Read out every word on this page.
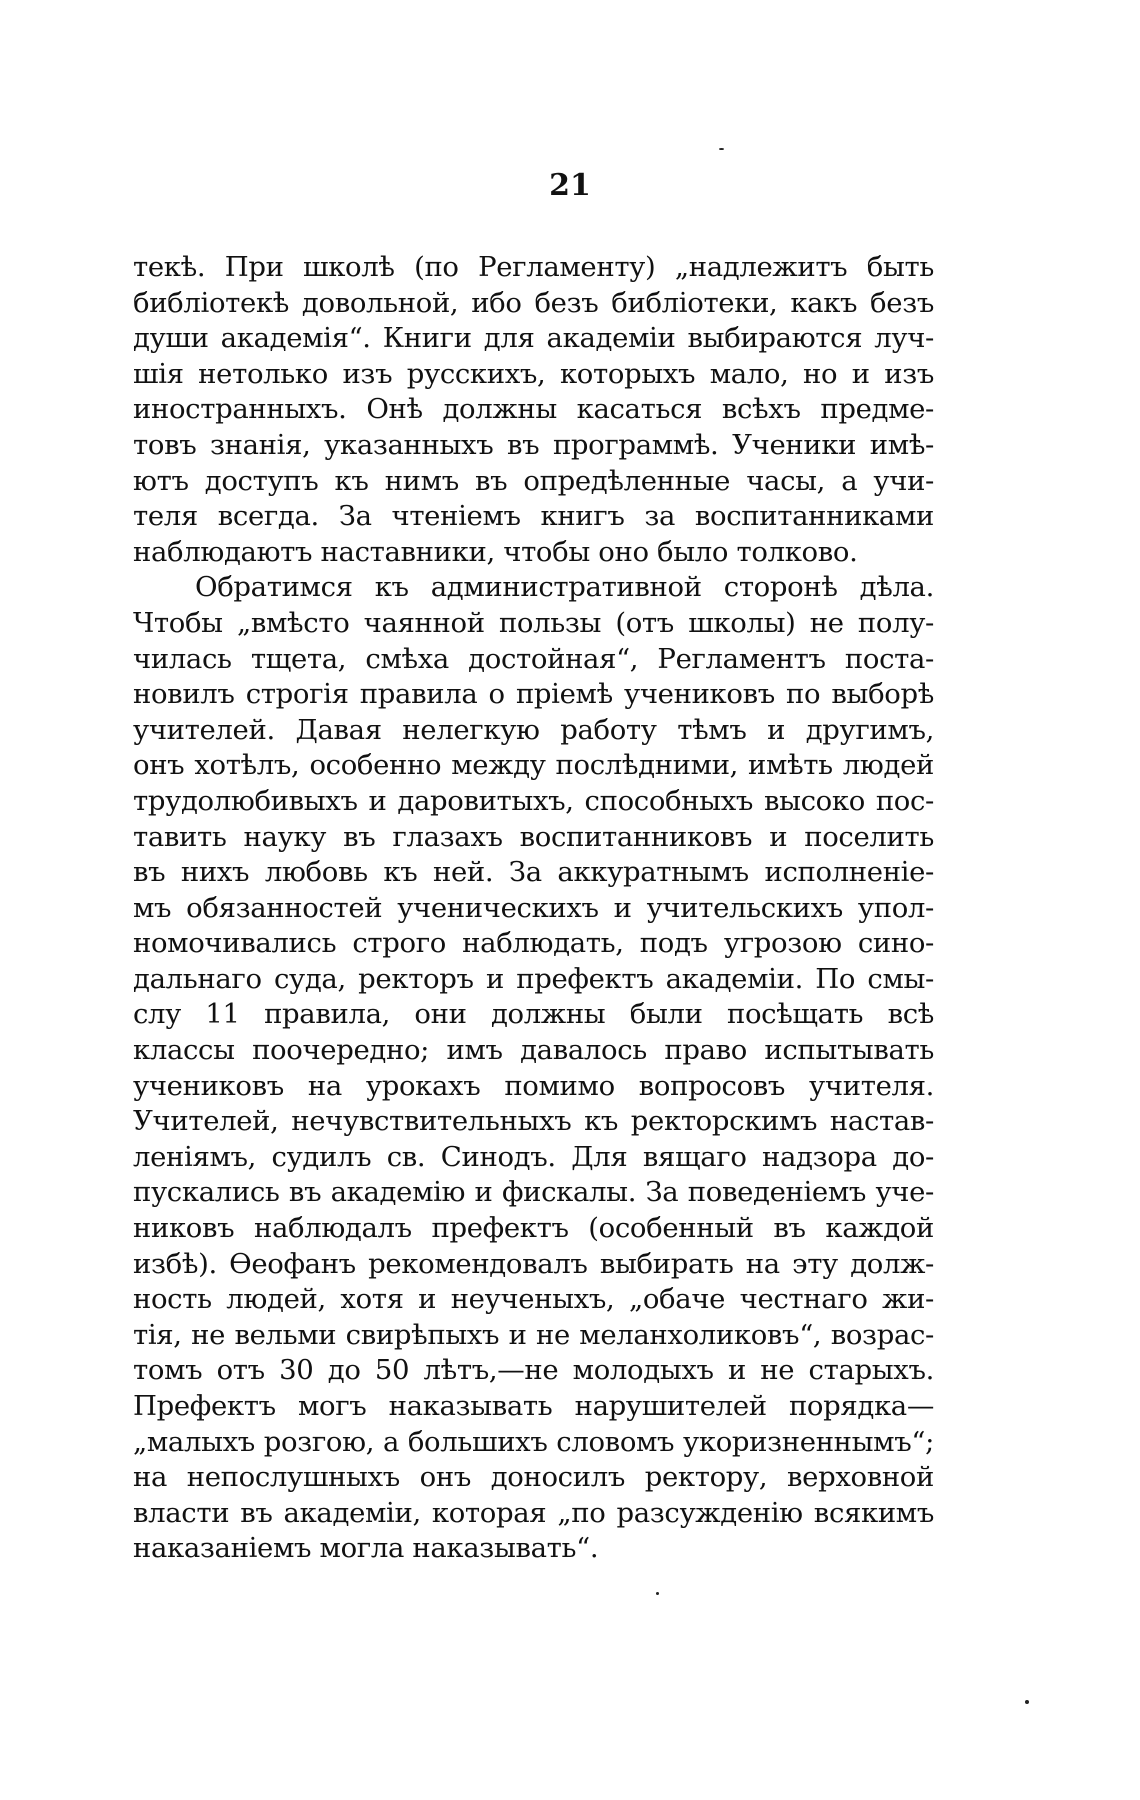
21
текѣ. При школѣ (по Регламенту) „надлежитъ быть
библіотекѣ довольной, ибо безъ библіотеки, какъ безъ
души академія“. Книги для академіи выбираются луч-
шія нетолько изъ русскихъ, которыхъ мало, но и изъ
иностранныхъ. Онѣ должны касаться всѣхъ предме-
товъ знанія, указанныхъ въ программѣ. Ученики имѣ-
ютъ доступъ къ нимъ въ опредѣленные часы, а учи-
теля всегда. За чтеніемъ книгъ за воспитанниками
наблюдаютъ наставники, чтобы оно было толково.
Обратимся къ административной сторонѣ дѣла.
Чтобы „вмѣсто чаянной пользы (отъ школы) не полу-
чилась тщета, смѣха достойная“, Регламентъ поста-
новилъ строгія правила о пріемѣ учениковъ по выборѣ
учителей. Давая нелегкую работу тѣмъ и другимъ,
онъ хотѣлъ, особенно между послѣдними, имѣть людей
трудолюбивыхъ и даровитыхъ, способныхъ высоко пос-
тавить науку въ глазахъ воспитанниковъ и поселить
въ нихъ любовь къ ней. За аккуратнымъ исполненіе-
мъ обязанностей ученическихъ и учительскихъ упол-
номочивались строго наблюдать, подъ угрозою сино-
дальнаго суда, ректоръ и префектъ академіи. По смы-
слу 11 правила, они должны были посѣщать всѣ
классы поочередно; имъ давалось право испытывать
учениковъ на урокахъ помимо вопросовъ учителя.
Учителей, нечувствительныхъ къ ректорскимъ настав-
леніямъ, судилъ св. Синодъ. Для вящаго надзора до-
пускались въ академію и фискалы. За поведеніемъ уче-
никовъ наблюдалъ префектъ (особенный въ каждой
избѣ). Ѳеофанъ рекомендовалъ выбирать на эту долж-
ность людей, хотя и неученыхъ, „обаче честнаго жи-
тія, не вельми свирѣпыхъ и не меланхоликовъ“, возрас-
томъ отъ 30 до 50 лѣтъ,—не молодыхъ и не старыхъ.
Префектъ могъ наказывать нарушителей порядка—
„малыхъ розгою, а большихъ словомъ укоризненнымъ“;
на непослушныхъ онъ доносилъ ректору, верховной
власти въ академіи, которая „по разсужденію всякимъ
наказаніемъ могла наказывать“.
